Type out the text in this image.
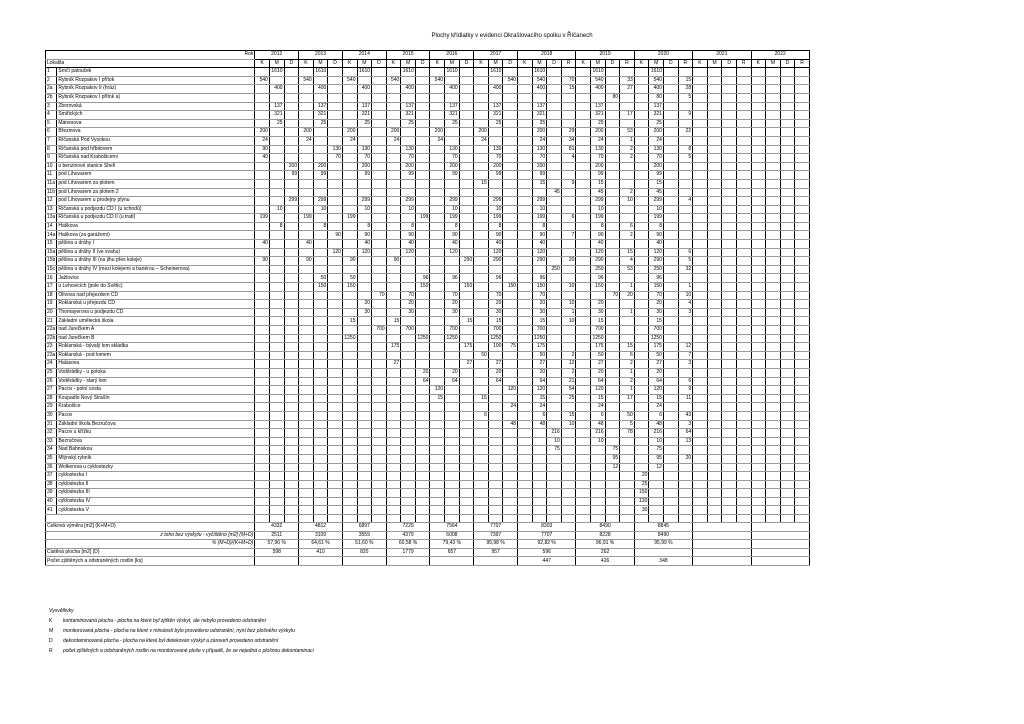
Plochy křídlatky v evidenci Okrašlovacího spolku v Říčanech
Rok		2012			2013			2014			2015			2016			2017			2018				2019				2020				2021				2022			
Lokalita		K	M	D	K	M	D	K	M	D	K	M	D	K	M	D	K	M	D	K	M	D	R	K	M	D	R	K	M	D	R	K	M	D	R	K	M	D	R
1	Srnčí palouček		1610			1610			1610			1610			1610			1610			1610				1610				1610										
2	Rybník Rozpakov I přítok	540			540			540			540			540					540		540		70		540		33		540		15								
2a	Rybník Rozpakov II (hráz)		400			400			400			400			400			400			400		15		400		27		400		28								
2b	Rybník Rozpakov I přítok a)																									80			80		5								
3	Zborovská		137			137			137			137			137			137			137				137				137										
4	Smiřických		321			321			321			321			321			321			321				321		17		321		9								
5	Mánesova		25			25			25			25			25			25			25				25				25										
6	Březinova	200			200			200			200			200			200				200		29		200		53		200		22								
7	Říčanská Pod Vysokou	24			24			24			24			24			24				24		34		24		1		24										
8	Říčanská pod hřbitovem	90					130		130			130			130			130			130		81		130		2		130		8								
9	Říčanská nad Krabošicemi	40					70		70			70			70			70			70		4		70		2		70		5								
10	u benzinové stanice Shell			200		200			200			200			200			200			200				200				200										
11	pod Lihovarem			99		99			99			99			99			99			99				99				99										
11a	pod Lihovarem za plotem																15				15		9		15				15										
11b	pod Lihovarem za plotem 2																					45			45		2		45										
12	pod Lihovarem u prodejny plynu			299		299			299			299			299			299			299				299		10		299		4								
13	Říčanská u podjezdu ČD I (u schodů)		10			10			10			10			10			10			10				10				10										
13a	Říčanská u podjezdu ČD II (u tratí)	199			199			199					199		199			199			199		6		199				199										
14	Haškova		8			8			8			8			8			8			8				8		6		8										
14a	Haškova (za garážemi)						90		90			90			90			90			90		7		90		2		90										
15	pěšina u dráhy I	40			40				40			40			40			40			40				40				40										
15a	pěšina u dráhy II (ve svahu)						120		120			120			120			120			120				120		15		120		6								
15b	pěšina u dráhy III (na jihu přes koleje)	90			90			90			90					290		290			290		20		290		4		290		5								
15c	pěšina u dráhy IV (mezi kolejemi a bariérou – Scheinerova)																					250			250		53		250		32								
16	Jažlovice					50		50					96		96			96			96				96				96										
17	u Lehovicích (pole do Světic)					150		150					150			150			150		150		10		150		1		150		1								
18	Olivova nad přejezdem ČD									70		70			70			70			70					70	20		70		10								
19	Roklanská u přejezdu ČD								20			20			20			20			20		10		20				20		4								
20	Thomayerova u podjezdu ČD								30			30			30			30			30		1		30		1		30		3								
21	Základní umělecká škola							15			15					15		15			15		10		15				15										
22a	nad Jurečkem A									700		700			700			700			700				700				700										
22b	nad Jurečkem B							1250					1250		1250			1250			1250				1250				1250										
23	Roklanská - bývalý lom skládka										175					175		100	75		175				175		15		175		12								
23a	Roklanská - pod lomem																50				50		2		50		6		50		7								
24	Halasova										27					27		27			27		12		27		2		27		3								
25	Voděrádky - u potoka												20		20			20			20		2		20		1		20										
26	Voděrádky - starý lom												64		64			64			64		21		64		2		64		6								
27	Pacov - polní cesta													120					120		120		54		120		1		120		9								
28	Koupadlo Nový Strašín													15			15				15		25		15		17		15		11								
29	Krabošice																		24		24				24				24										
30	Pacov																6				6		15		6		50		6		43								
31	Základní škola Bezručova																		48		48		10		48		5		48		3								
32	Pacov u křížku																					216			216		78		216		64								
33	Bezručova																					10			10				10		13								
34	Nad Bahnivkou																					75				75			75										
35	Mlýnský rybník																									95			95		20								
36	Wolkerova u cyklostezky																									12			12										
37	cyklostezka I																											20											
38	cyklostezka II																											25											
39	cyklostezka III																											150											
40	cyklostezka IV																											130											
41	cyklostezka V																											30											

Celková výměra [m2] (K+M+D)		4332			4812			6897			7229			7564			7707			8303				8490				8845											
z toho bez výskytu - vyčištěno [m2] (M+D)		2511			3109			3559			4379			6008			7397			7707				8228				8490											
% (M+D)/(K+M+D)		57,96 %			64,61 %			51,60 %			60,58 %			79,43 %			95,98 %			92,82 %				96,91 %				95,99 %											
Čistěná plocha [m2] (D)		598			410			820			1779			657			957			596				262															
Počet zjištěných a odstraněných rostlin [ks]																				447				426				348											
Vysvětlivky
K kontaminovaná plocha - plocha na které byl zjištěn výskyt, ale nebylo provedeno odstranění
M monitorovaná plocha - plocha na které v minulosti bylo provedeno odstranění, nyní bez plošného výskytu
D dekontaminovaná plocha - plocha na které byl detekován výskyt a zároveň provedeno odstranění
R počet zjištěných a odstraněných rostlin na monitorované ploše v případě, že se nejedná o plošnou dekontaminaci
